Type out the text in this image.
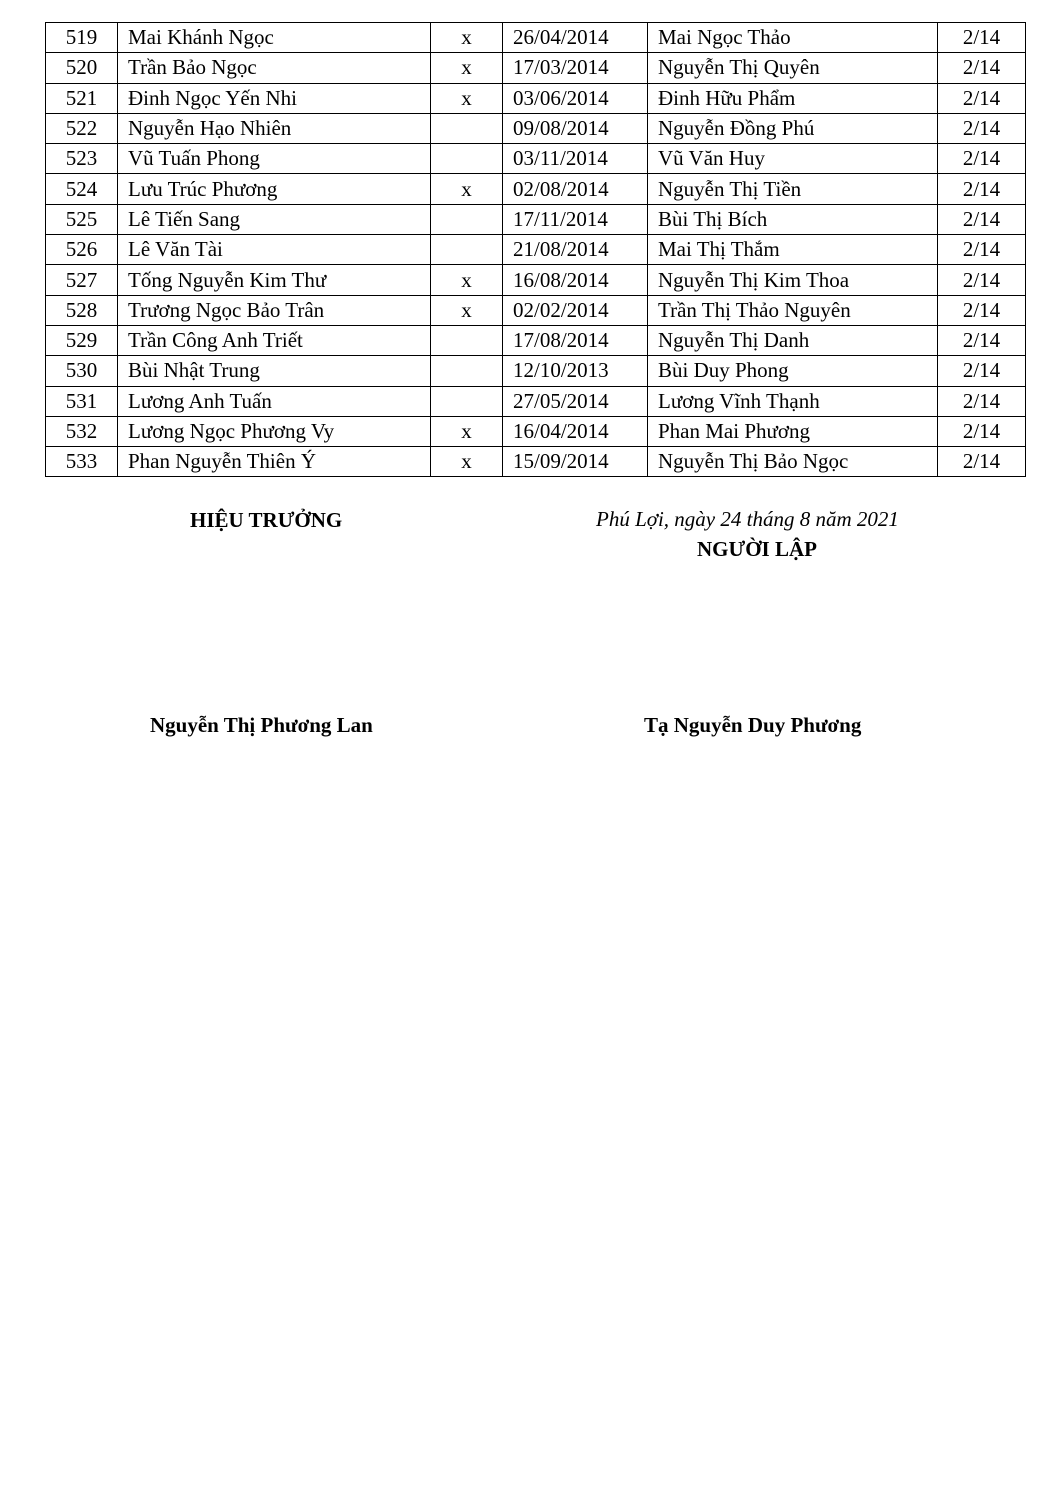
519	Mai Khánh Ngọc	x	26/04/2014	Mai Ngọc Thảo	2/14
520	Trần Bảo Ngọc	x	17/03/2014	Nguyễn Thị Quyên	2/14
521	Đinh Ngọc Yến Nhi	x	03/06/2014	Đinh Hữu Phẩm	2/14
522	Nguyễn Hạo Nhiên		09/08/2014	Nguyễn Đồng Phú	2/14
523	Vũ Tuấn Phong		03/11/2014	Vũ Văn Huy	2/14
524	Lưu Trúc Phương	x	02/08/2014	Nguyễn Thị Tiền	2/14
525	Lê Tiến Sang		17/11/2014	Bùi Thị Bích	2/14
526	Lê Văn Tài		21/08/2014	Mai Thị Thắm	2/14
527	Tống Nguyễn Kim Thư	x	16/08/2014	Nguyễn Thị Kim Thoa	2/14
528	Trương Ngọc Bảo Trân	x	02/02/2014	Trần Thị Thảo Nguyên	2/14
529	Trần Công Anh Triết		17/08/2014	Nguyễn Thị Danh	2/14
530	Bùi Nhật Trung		12/10/2013	Bùi Duy Phong	2/14
531	Lương Anh Tuấn		27/05/2014	Lương Vĩnh Thạnh	2/14
532	Lương Ngọc Phương Vy	x	16/04/2014	Phan Mai Phương	2/14
533	Phan Nguyễn Thiên Ý	x	15/09/2014	Nguyễn Thị Bảo Ngọc	2/14
HIỆU TRƯỞNG	Phú Lợi, ngày 24 tháng 8 năm 2021
NGƯỜI LẬP
Nguyễn Thị Phương Lan	Tạ Nguyễn Duy Phương
